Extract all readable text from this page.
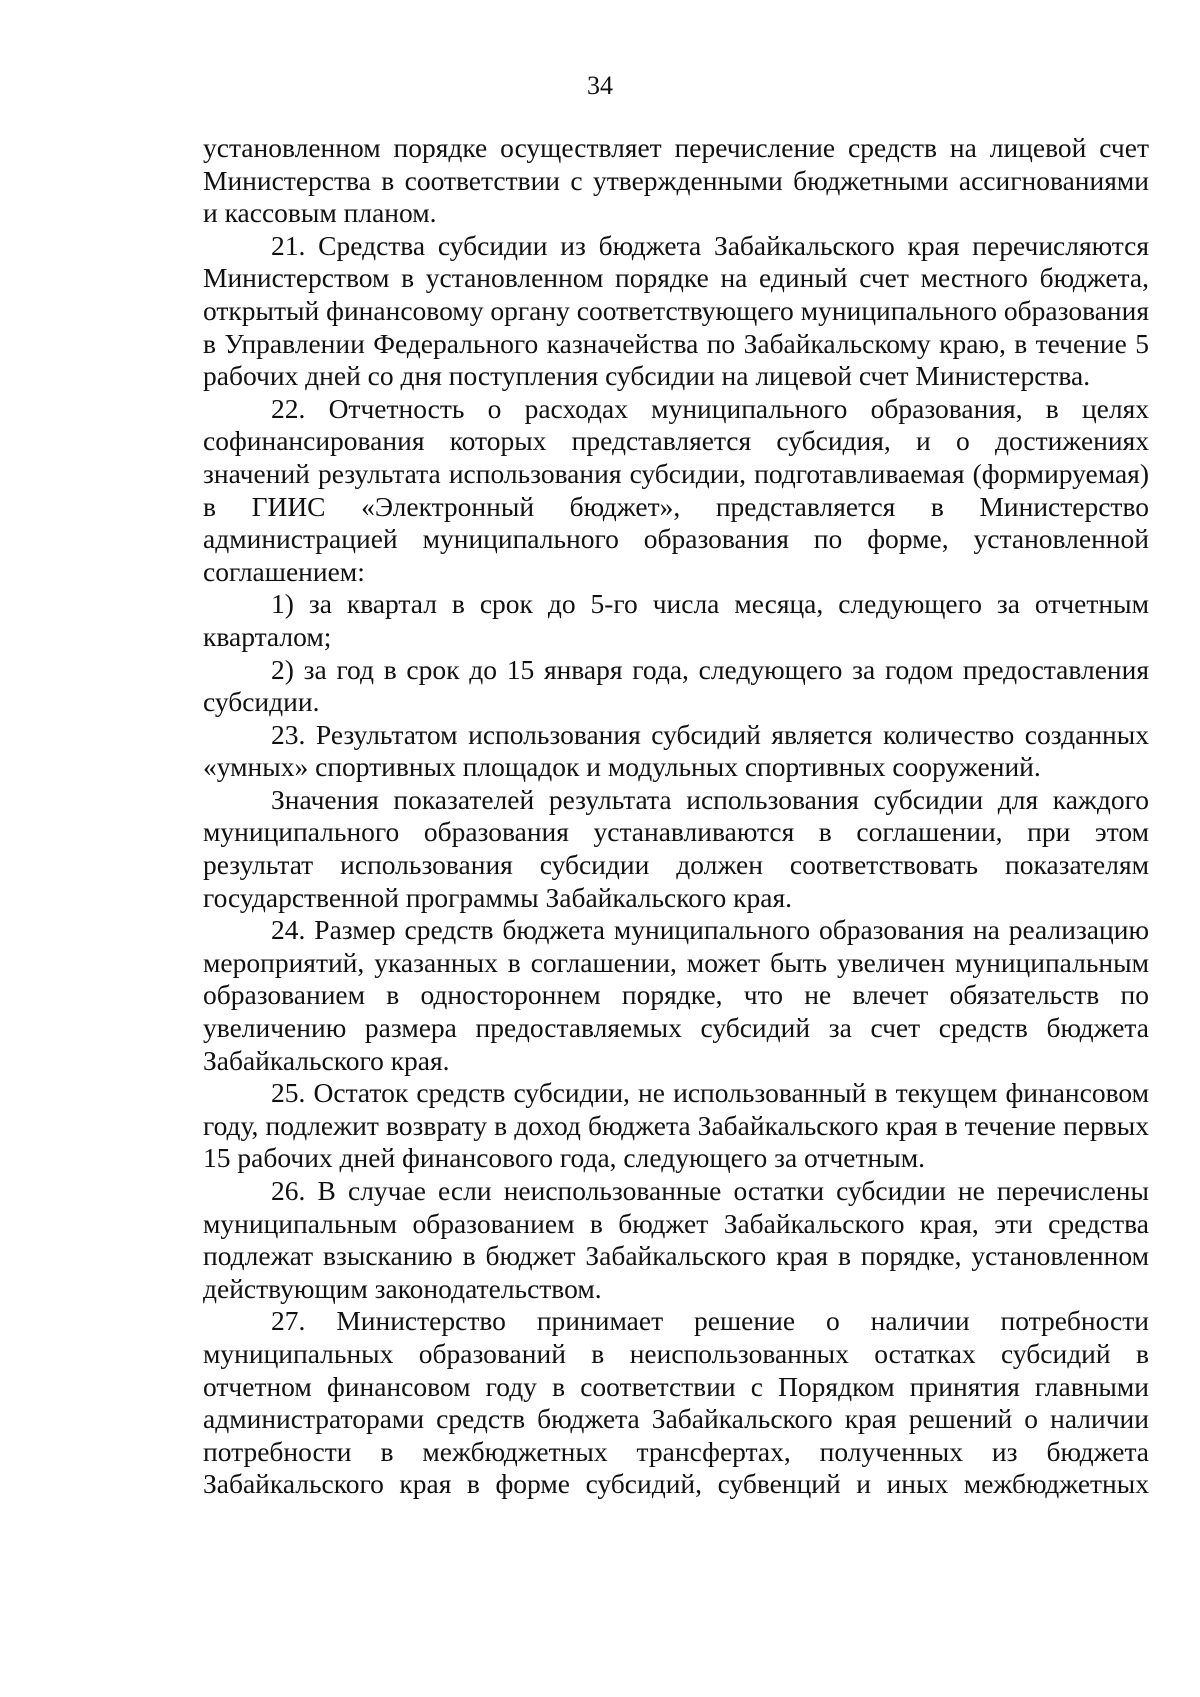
34

установленном порядке осуществляет перечисление средств на лицевой счет Министерства в соответствии с утвержденными бюджетными ассигнованиями и кассовым планом.

21. Средства субсидии из бюджета Забайкальского края перечисляются Министерством в установленном порядке на единый счет местного бюджета, открытый финансовому органу соответствующего муниципального образования в Управлении Федерального казначейства по Забайкальскому краю, в течение 5 рабочих дней со дня поступления субсидии на лицевой счет Министерства.

22. Отчетность о расходах муниципального образования, в целях софинансирования которых представляется субсидия, и о достижениях значений результата использования субсидии, подготавливаемая (формируемая) в ГИИС «Электронный бюджет», представляется в Министерство администрацией муниципального образования по форме, установленной соглашением:

1) за квартал в срок до 5-го числа месяца, следующего за отчетным кварталом;

2) за год в срок до 15 января года, следующего за годом предоставления субсидии.

23. Результатом использования субсидий является количество созданных «умных» спортивных площадок и модульных спортивных сооружений.

Значения показателей результата использования субсидии для каждого муниципального образования устанавливаются в соглашении, при этом результат использования субсидии должен соответствовать показателям государственной программы Забайкальского края.

24. Размер средств бюджета муниципального образования на реализацию мероприятий, указанных в соглашении, может быть увеличен муниципальным образованием в одностороннем порядке, что не влечет обязательств по увеличению размера предоставляемых субсидий за счет средств бюджета Забайкальского края.

25. Остаток средств субсидии, не использованный в текущем финансовом году, подлежит возврату в доход бюджета Забайкальского края в течение первых 15 рабочих дней финансового года, следующего за отчетным.

26. В случае если неиспользованные остатки субсидии не перечислены муниципальным образованием в бюджет Забайкальского края, эти средства подлежат взысканию в бюджет Забайкальского края в порядке, установленном действующим законодательством.

27. Министерство принимает решение о наличии потребности муниципальных образований в неиспользованных остатках субсидий в отчетном финансовом году в соответствии с Порядком принятия главными администраторами средств бюджета Забайкальского края решений о наличии потребности в межбюджетных трансфертах, полученных из бюджета Забайкальского края в форме субсидий, субвенций и иных межбюджетных
